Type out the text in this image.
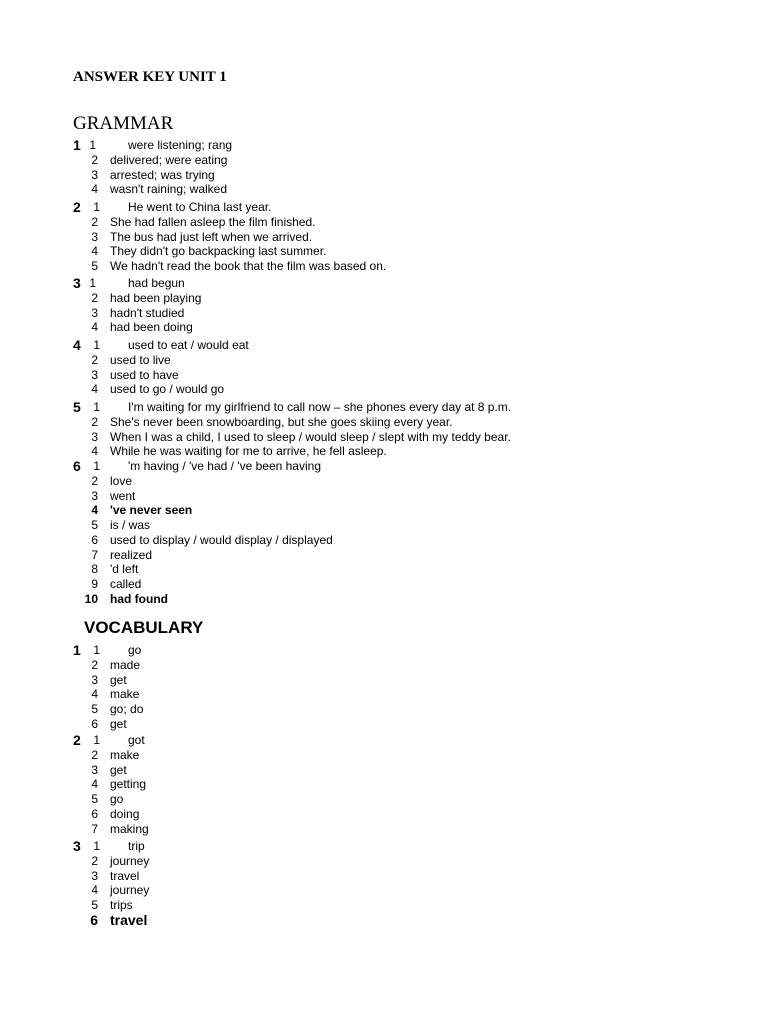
ANSWER KEY UNIT 1
GRAMMAR
VOCABULARY
1 1	were listening; rang
2 delivered; were eating
3 arrested; was trying
4 wasn't raining; walked
2	1 He went to China last year.
2 She had fallen asleep the film finished.
3 The bus had just left when we arrived.
4 They didn't go backpacking last summer.
5 We hadn't read the book that the film was based on.
3 1	had begun
2 had been playing
3 hadn't studied
4 had been doing
4	1 used to eat / would eat
2 used to live
3 used to have
4 used to go / would go
5	1 I'm waiting for my girlfriend to call now – she phones every day at 8 p.m.
2 She's never been snowboarding, but she goes skiing every year.
3 When I was a child, I used to sleep / would sleep / slept with my teddy bear.
4 While he was waiting for me to arrive, he fell asleep.
6	1 'm having / 've had / 've been having
2 love
3 went
4 've never seen
5 is / was
6 used to display / would display / displayed
7 realized
8 'd left
9 called
10 had found
1	1 go
2 made
3 get
4 make
5 go; do
6 get
2	1 got
2 make
3 get
4 getting
5 go
6 doing
7 making
3	1 trip
2 journey
3 travel
4 journey
5 trips
6 travel
